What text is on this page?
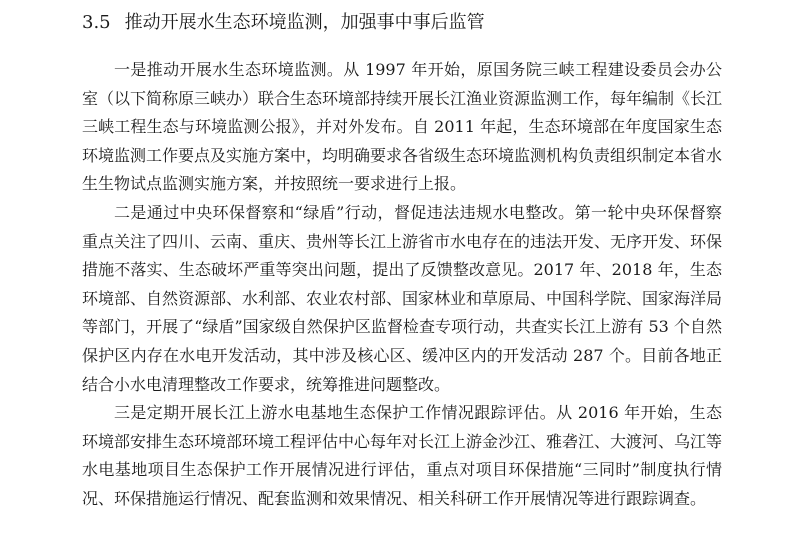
3.5 推动开展水生态环境监测，加强事中事后监管

一是推动开展水生态环境监测。从 1997 年开始，原国务院三峡工程建设委员会办公室（以下简称原三峡办）联合生态环境部持续开展长江渔业资源监测工作，每年编制《长江三峡工程生态与环境监测公报》，并对外发布。自 2011 年起，生态环境部在年度国家生态环境监测工作要点及实施方案中，均明确要求各省级生态环境监测机构负责组织制定本省水生生物试点监测实施方案，并按照统一要求进行上报。

二是通过中央环保督察和“绿盾”行动，督促违法违规水电整改。第一轮中央环保督察重点关注了四川、云南、重庆、贵州等长江上游省市水电存在的违法开发、无序开发、环保措施不落实、生态破坏严重等突出问题，提出了反馈整改意见。2017 年、2018 年，生态环境部、自然资源部、水利部、农业农村部、国家林业和草原局、中国科学院、国家海洋局等部门，开展了“绿盾”国家级自然保护区监督检查专项行动，共查实长江上游有 53 个自然保护区内存在水电开发活动，其中涉及核心区、缓冲区内的开发活动 287 个。目前各地正结合小水电清理整改工作要求，统筹推进问题整改。

三是定期开展长江上游水电基地生态保护工作情况跟踪评估。从 2016 年开始，生态环境部安排生态环境部环境工程评估中心每年对长江上游金沙江、雅砻江、大渡河、乌江等水电基地项目生态保护工作开展情况进行评估，重点对项目环保措施“三同时”制度执行情况、环保措施运行情况、配套监测和效果情况、相关科研工作开展情况等进行跟踪调查。
